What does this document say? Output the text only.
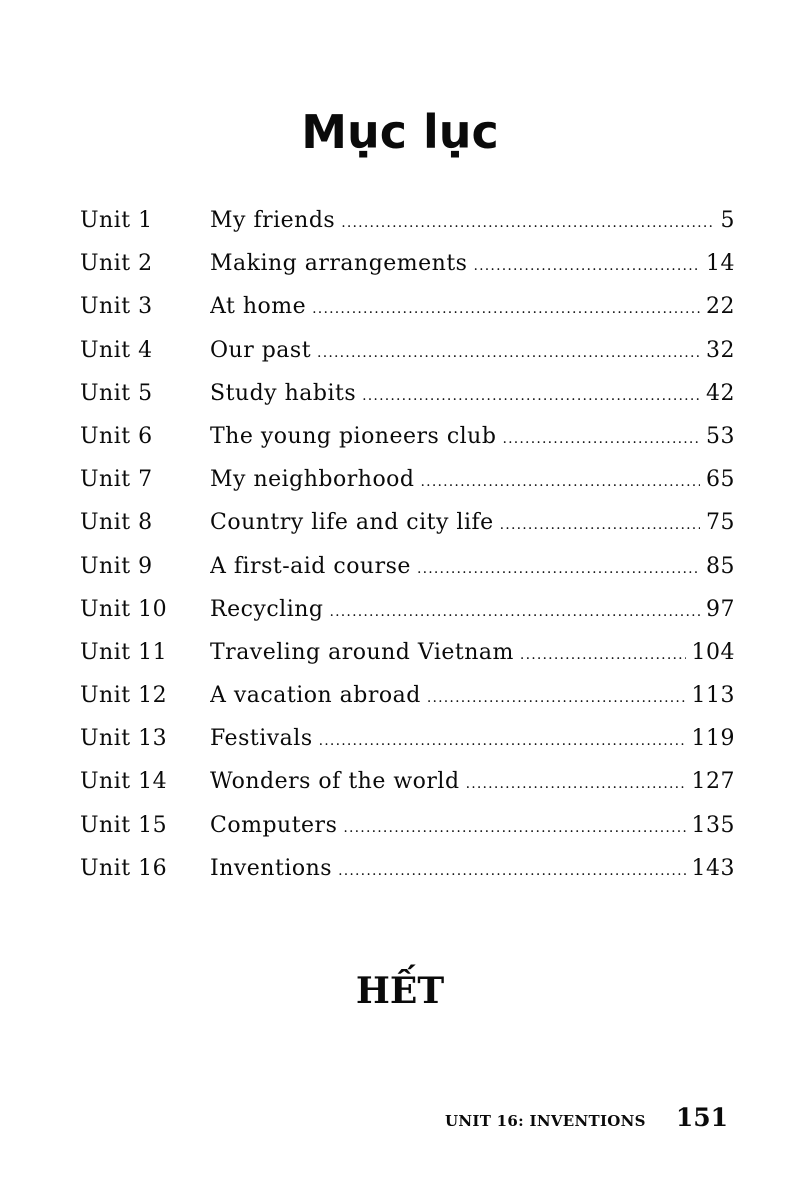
Mục lục
Unit 1	My friends .....	5
Unit 2	Making arrangements .....	14
Unit 3	At home .....	22
Unit 4	Our past .....	32
Unit 5	Study habits .....	42
Unit 6	The young pioneers club .....	53
Unit 7	My neighborhood .....	65
Unit 8	Country life and city life .....	75
Unit 9	A first-aid course .....	85
Unit 10	Recycling .....	97
Unit 11	Traveling around Vietnam .....	104
Unit 12	A vacation abroad .....	113
Unit 13	Festivals .....	119
Unit 14	Wonders of the world .....	127
Unit 15	Computers .....	135
Unit 16	Inventions .....	143
HẾT
UNIT 16: INVENTIONS 151
